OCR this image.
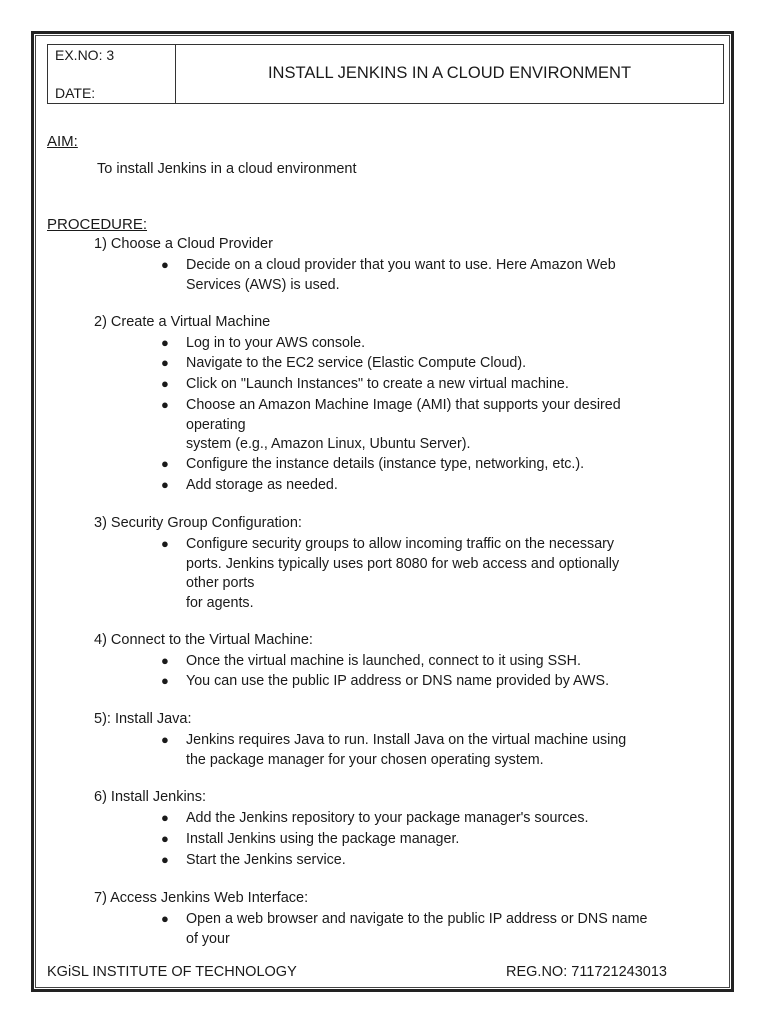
EX.NO: 3
DATE:
INSTALL JENKINS IN A CLOUD ENVIRONMENT
AIM:
To install Jenkins in a cloud environment
PROCEDURE:
1) Choose a Cloud Provider
● Decide on a cloud provider that you want to use. Here Amazon Web
Services (AWS) is used.
2) Create a Virtual Machine
● Log in to your AWS console.
● Navigate to the EC2 service (Elastic Compute Cloud).
● Click on "Launch Instances" to create a new virtual machine.
● Choose an Amazon Machine Image (AMI) that supports your desired
operating
system (e.g., Amazon Linux, Ubuntu Server).
● Configure the instance details (instance type, networking, etc.).
● Add storage as needed.
3) Security Group Configuration:
● Configure security groups to allow incoming traffic on the necessary
ports. Jenkins typically uses port 8080 for web access and optionally
other ports
for agents.
4) Connect to the Virtual Machine:
● Once the virtual machine is launched, connect to it using SSH.
● You can use the public IP address or DNS name provided by AWS.
5): Install Java:
● Jenkins requires Java to run. Install Java on the virtual machine using
the package manager for your chosen operating system.
6) Install Jenkins:
● Add the Jenkins repository to your package manager's sources.
● Install Jenkins using the package manager.
● Start the Jenkins service.
7) Access Jenkins Web Interface:
● Open a web browser and navigate to the public IP address or DNS name
of your
KGiSL INSTITUTE OF TECHNOLOGY	REG.NO: 711721243013
